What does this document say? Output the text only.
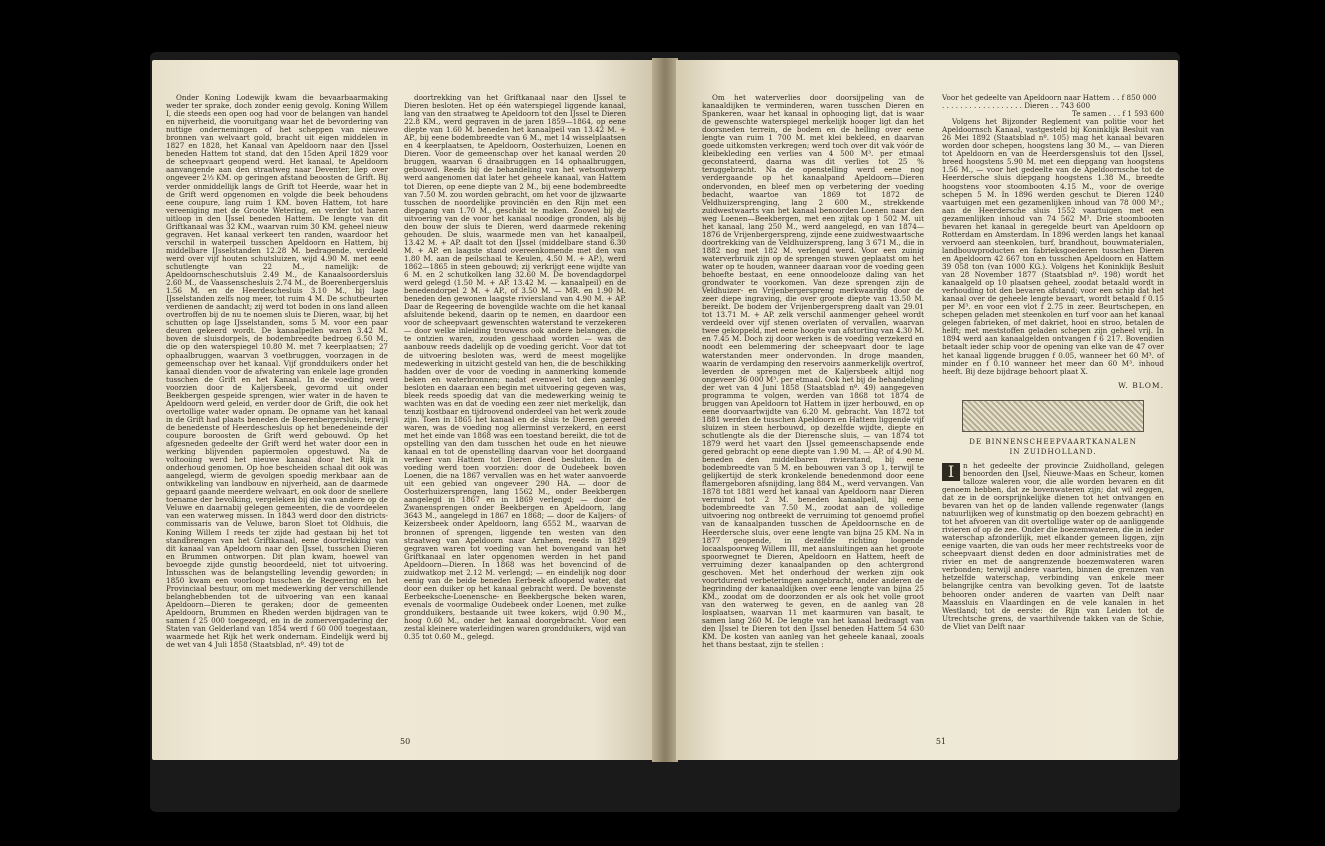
Onder Koning Lodewijk kwam die bevaarbaarmaking weder ter sprake, doch zonder eenig gevolg. Koning Willem I, die steeds een open oog had voor de belangen van handel en nijverheid, die vooruitgang waar het de bevordering van nuttige ondernemingen of het scheppen van nieuwe bronnen van welvaart gold, bracht uit eigen middelen in 1827 en 1828, het Kanaal van Apeldoorn naar den IJssel beneden Hattem tot stand, dat den 15den April 1829 voor de scheepvaart geopend werd. Het kanaal, te Apeldoorn aanvangende aan den straatweg naar Deventer, liep over ongeveer 2⅓ KM. op geringen afstand beoosten de Grift. Bij verder onmiddellijk langs de Grift tot Heerde, waar het in de Grift werd opgenomen en volgde die beek behoudens eene coupure, lang ruim 1 KM. boven Hattem, tot hare vereeniging met de Groote Wetering, en verder tot haren uitloop in den IJssel beneden Hattem. De lengte van dit Griftkanaal was 32 KM., waarvan ruim 30 KM. geheel nieuw gegraven. Het kanaal verkeert ten randen, waardoor het verschil in waterpeil tusschen Apeldoorn en Hattem, bij middelbare IJsselstanden 12.28 M. bedragende, verdeeld werd over vijf houten schutsluizen, wijd 4.90 M. met eene schutlengte van 22 M., namelijk: de Apeldoornscheschutsluis 2.49 M., de Kanaalsoordersluis 2.60 M., de Vaassenschesluis 2.74 M., de Boerenbergersluis 1.56 M. en de Heerdeschesluis 3.10 M., bij lage IJsselstanden zelfs nog meer, tot ruim 4 M. De schutbeurten verdienen de aandacht; zij werd tot boden in ons land alleen overtroffen bij de nu te noemen sluis te Dieren, waar, bij het schutten op lage IJsselstanden, soms 5 M. voor een paar deuren gekeerd wordt. De kanaalpeilen waren 3.42 M. boven de sluisdorpels, de bodembreedte bedroeg 6.50 M., die op den waterspiegel 10.80 M. met 7 keerplaatsen; 27 ophaalbruggen, waarvan 3 voetbruggen, voorzagen in de gemeenschap over het kanaal. Vijf grondduikers onder het kanaal dienden voor de afwatering van enkele lage gronden tusschen de Grift en het Kanaal. In de voeding werd voorzien door de Kaljersbeek, gevormd uit onder Beekbergen gespeide sprengen, wier water in de haven te Apeldoorn werd geleid, en verder door de Grift, die ook het overtollige water wader opnam. De opname van het kanaal in de Grift had plaats beneden de Boerenbergersluis, terwijl de benedenste of Heerdeschesluis op het benedeneinde der coupure boroosten de Grift werd gebouwd. Op het afgesneden gedeelte der Grift werd het water door een in werking blijvenden papiermolen opgestuwd. Na de voltooiing werd het nieuwe kanaal door het Rijk in onderhoud genomen. Op hoe bescheiden schaal dit ook was aangelegd, wierm de gevolgen spoedig merkbaar aan de ontwikkeling van landbouw en nijverheid, aan de daarmede gepaard gaande meerdere welvaart, en ook door de snellere toename der bevolking, vergeleken bij die van andere op de Veluwe en daarnabij gelegen gemeenten, die de voordeelen van een waterweg missen. In 1843 werd door den districts-commissaris van de Veluwe, baron Sloet tot Oldhuis, die Koning Willem I reeds ter zijde had gestaan bij het tot standbrengen van het Griftkanaal, eene doortrekking van dit kanaal van Apeldoorn naar den IJssel, tusschen Dieren en Brummen ontworpen. Dit plan kwam, hoewel van bevoegde zijde gunstig beoordeeld, niet tot uitvoering. Intusschen was de belangstelling levendig geworden; in 1850 kwam een voorloop tusschen de Regeering en het Provinciaal bestuur, om met medewerking der verschillende belanghebbenden tot de uitvoering van een kanaal Apeldoorn—Dieren te geraken; door de gemeenten Apeldoorn, Brummen en Rheden werden bijdragen van te samen f 25 000 toegezegd, en in de zomervergadering der Staten van Gelderland van 1854 werd f 60 000 toegestaan, waarmede het Rijk het werk ondernam. Eindelijk werd bij de wet van 4 Juli 1858 (Staatsblad, nº. 49) tot de

doortrekking van het Griftkanaal naar den IJssel te Dieren besloten. Het op één waterspiegel liggende kanaal, lang van den straatweg te Apeldoorn tot den IJssel te Dieren 22.8 KM., werd gegraven in de jaren 1859—1864, op eene diepte van 1.60 M. beneden het kanaalpeil van 13.42 M. + AP., bij eene bodembreedte van 6 M., met 14 wisselplaatsen en 4 keerplaatsen, te Apeldoorn, Oosterhuizen, Loenen en Dieren. Voor de gemeenschap over het kanaal werden 20 bruggen, waarvan 6 draaibruggen en 14 ophaalbruggen, gebouwd. Reeds bij de behandeling van het wetsontwerp werd aangenomen dat later het geheele kanaal, van Hattem tot Dieren, op eene diepte van 2 M., bij eene bodembreedte van 7.50 M. zou worden gebracht, om het voor de ijlzwaarte tusschen de noordelijke provinciën en den Rijn met een diepgang van 1.70 M., geschikt te maken. Zoowel bij de uitvoering van de voor het kanaal noodige gronden, als bij den bouw der sluis te Dieren, werd daarmede rekening gehouden. De sluis, waarmede men van het kanaalpeil, 13.42 M. + AP. daalt tot den IJssel (middelbare stand 6.30 M. + AP. en laagste stand overeenkomende met den van 1.80 M. aan de peilschaal te Keulen, 4.50 M. + AP.), werd 1862—1865 in steen gebouwd; zij verkrijgt eene wijdte van 6 M. en 2 schutkolken lang 32.60 M. De bovendagdorpel werd gelegd (1.50 M. + AP. 13.42 M. — kanaalpeil) en de benedendorpel 2 M. + AP., of 3.50 M. — MR. en 1.90 M. beneden den gewonen laagste riviersland van 4.90 M. + AP. Daar de Regeering de bovengilde wachte om die het kanaal afsluitende bekend, daarin op te nemen, en daardoor een voor de scheepvaart gewenschten waterstand te verzekeren — door welke inleiding trouwens ook andere belangen, die te ontzien waren, zouden geschaad worden — was de aanbouw reeds dadelijk op de voeding gericht. Voor dat tot de uitvoering besloten was, werd de meest mogelijke medewerking in uitzicht gesteld van hen, die de beschikking hadden over de voor de voeding in aanmerking komende beken en waterbronnen; nadat evenwel tot den aanleg besloten en daaraan een begin met uitvoering gegeven was, bleek reeds spoedig dat van die medewerking weinig te wachten was en dat de voeding een zeer niet merkelijk, dan tenzij kostbaar en tijdroovend onderdeel van het werk zoude zijn. Toen in 1865 het kanaal en de sluis te Dieren gereed waren, was de voeding nog allerminst verzekerd, en eerst met het einde van 1868 was een toestand bereikt, die tot de opstelling van den dam tusschen het oude en het nieuwe kanaal en tot de openstelling daarvan voor het doorgaand verkeer van Hattem tot Dieren deed besluiten. In de voeding werd toen voorzien: door de Oudebeek boven Loenen, die na 1867 vervallen was en het water aanvoerde uit een gebied van ongeveer 290 HA. — door de Oosterhuizersprengen, lang 1562 M., onder Beekbergen aangelegd in 1867 en in 1869 verlengd; — door de Zwanensprengen onder Beekbergen en Apeldoorn, lang 3643 M., aangelegd in 1867 en 1868; — door de Kaljers- of Keizersbeek onder Apeldoorn, lang 6552 M., waarvan de bronnen of sprengen, liggende ten westen van den straatweg van Apeldoorn naar Arnhem, reeds in 1829 gegraven waren tot voeding van het bovengand van het Griftkanaal en later opgenomen werden in het pand Apeldoorn—Dieren. In 1868 was het bovencind of de zuidwatkop met 2.12 M. verlengd; — en eindelijk nog door eenig van de beide beneden Eerbeek afloopend water, dat door een duiker op het kanaal gebracht werd. De bovenste Eerbeeksche-Loenensche- en Beekbergsche beken waren, evenals de voormalige Oudebeek onder Loenen, met zulke grondduikers, bestaande uit twee kokers, wijd 0.90 M., hoog 0.60 M., onder het kanaal doorgebracht. Voor een zestal kleinere waterleidingen waren grondduikers, wijd van 0.35 tot 0.60 M., gelegd.

50

Om het waterverlies door doorsijpeling van de kanaaldijken te verminderen, waren tusschen Dieren en Spankeren, waar het kanaal in ophooging ligt, dat is waar de gewenschte waterspiegel merkelijk hooger ligt dan het doorsneden terrein, de bodem en de helling over eene lengte van ruim 1 700 M. met klei bekleed, en daarvan goede uitkomsten verkregen; werd toch over dit vak vóór de kleibekleding een verlies van 4 500 M³. per etmaal geconstateerd, daarna was dit verlies tot 25 % teruggebracht. Na de openstelling werd eene nog verdergaande op het kanaalpand Apeldoorn—Dieren ondervonden, en bleef men op verbetering der voeding bedacht, waartoe van 1869 tot 1872 de Veldhuizersprenging, lang 2 600 M., strekkende zuidwestwaarts van het kanaal benoorden Loenen naar den weg Loenen—Beekbergen, met een zijtak op 1 502 M. uit het kanaal, lang 250 M., werd aangelegd, en van 1874—1876 de Vrijenbergerspreng, zijnde eene zuidwestwaartsche doortrekking van de Veldhuizerspreng, lang 3 671 M., die in 1882 nog met 182 M. verlengd werd. Voor een zuinig waterverbruik zijn op de sprengen stuwen geplaatst om het water op te houden, wanneer daaraan voor de voeding geen behoefte bestaat, en eene onnoodelooze daling van het grondwater te voorkomen. Van deze sprengen zijn de Veldhuizer- en Vrijenbergerspreng merkwaardig door de zeer diepe ingraving, die over groote diepte van 13.50 M. bereikt. De bodem der Vrijenbergerspreng daalt van 29.01 tot 13.71 M. + AP. zelk verschil aanmenger geheel wordt verdeeld over vijf stenen overlaten of vervallen, waarvan twee gekoppeld, met eene hoogte van afstorting van 4.30 M. en 7.45 M. Doch zij door werken is de voeding verzekerd en noodt een belemmering der scheepvaart door te lage waterstanden meer ondervonden. In droge maanden, waarin de verdamping den reservoirs aanmerkelijk overtrof, leverden de sprengen met de Kaljersbeek altijd nog ongeveer 36 000 M³. per etmaal. Ook het bij de behandeling der wet van 4 Juni 1858 (Staatsblad nº. 49) aangegeven programma te volgen, werden van 1868 tot 1874 de bruggen van Apeldoorn tot Hattem in ijzer herbouwd, en op eene doorvaartwijdte van 6.20 M. gebracht. Van 1872 tot 1881 werden de tusschen Apeldoorn en Hattem liggende vijf sluizen in steen herbouwd, op dezelfde wijdte, diepte en schutlengte als die der Dierensche sluis, — van 1874 tot 1879 werd het vaart den IJssel gemeenschapsende ende gered gebracht op eene diepte van 1.90 M. — AP. of 4.90 M. beneden den middelbaren rivierstand, bij eene bodembreedte van 5 M. en bebouwen van 3 op 1, terwijl te gelijkertijd de sterk kronkelende benedenmond door eene flamergeboren afsnijding, lang 884 M., werd vervangen. Van 1878 tot 1881 werd het kanaal van Apeldoorn naar Dieren verruimd tot 2 M. beneden kanaalpeil, bij eene bodembreedte van 7.50 M., zoodat aan de volledige uitvoering nog ontbreekt de verruiming tot genoemd profiel van de kanaalpanden tusschen de Apeldoornsche en de Heerdersche sluis, over eene lengte van bijna 25 KM. Na in 1877 geopende, in dezelfde richting loopende locaalspoorweg Willem III, met aansluitingen aan het groote spoorwegnet te Dieren, Apeldoorn en Hattem, heeft de verruiming dezer kanaalpanden op den achtergrond geschoven. Met het onderhoud der werken zijn ook voortdurend verbeteringen aangebracht, onder anderen de begrinding der kanaaldijken over eene lengte van bijna 25 KM., zoodat om de doorzonden er als ook het volle groot van den waterweg te geven, en de aanleg van 28 losplaatsen, waarvan 11 met kaarmuren van basalt, te samen lang 260 M. De lengte van het kanaal bedraagt van den IJssel te Dieren tot den IJssel beneden Hattem 54 630 KM. De kosten van aanleg van het geheele kanaal, zooals het thans bestaat, zijn te stellen :

Voor het gedeelte van Apeldoorn naar Hattem . . f 850 000

. . . . . . . . . . . . . . . . . . Dieren . . 743 600

Te samen . . . f 1 593 600

Volgens het Bijzonder Reglement van politie voor het Apeldoornsch Kanaal, vastgesteld bij Koninklijk Besluit van 26 Mei 1892 (Staatsblad nº. 105) mag het kanaal bevaren worden door schepen, hoogstens lang 30 M., — van Dieren tot Apeldoorn en van de Heerdersgensluis tot den IJssel, breed hoogstens 5.90 M. met een diepgang van hoogstens 1.56 M., — voor het gedeelte van de Apeldoornsche tot de Heerdersche sluis diepgang hoogstens 1.38 M., breedte hoogstens voor stoombooten 4.15 M., voor de overige schepen 5 M. In 1896 werden geschut te Dieren 1240 vaartuigen met een gezamenlijken inhoud van 78 000 M³.; aan de Heerdersche sluis 1552 vaartuigen met een gezamenlijken inhoud van 74 562 M³. Drie stoombooten bevaren het kanaal in geregelde beurt van Apeldoorn op Rotterdam en Amsterdam. In 1896 werden langs het kanaal vervoerd aan steenkolen, turf, brandhout, bouwmaterialen, landbouwproducten en fabrieksgoederen tusschen Dieren en Apeldoorn 42 667 ton en tusschen Apeldoorn en Hattem 39 058 ton (van 1000 KG.). Volgens het Koninklijk Besluit van 28 November 1877 (Staatsblad nº. 198) wordt het kanaalgeld op 10 plaatsen geheel, zoodat betaald wordt in verhouding tot den bevaren afstand; voor een schip dat het kanaal over de geheele lengte bevaart, wordt betaald f 0.15 per M³. en voor een vlot f 2.75 in zeer. Beurtschepen, en schepen geladen met steenkolen en turf voor aan het kanaal gelegen fabrieken, of met dakriet, hooi en stroo, betalen de helft; met meststoffen geladen schepen zijn geheel vrij. In 1894 werd aan kanaalgelden ontvangen f 6 217. Bovendien betaalt ieder schip voor de opening van elke van de 47 over het kanaal liggende bruggen f 0.05, wanneer het 60 M³. of minder en f 0.10 wanneer het meer dan 60 M³. inhoud heeft. Bij deze bijdrage behoort plaat X.

W. BLOM.
DE BINNENSCHEEPVAARTKANALEN
IN ZUIDHOLLAND.
I	n het gedeelte der provincie Zuidholland, gelegen benoorden den IJsel, Nieuwe-Maas en Scheur, komen talloze waleren voor, die alle worden bevaren en dit genoem hebben, dat ze bovenwateren zijn; dat wil zeggen, dat ze in de oorsprijnkelijke dienen tot het ontvangen en bevaren van het op de landen vallende regenwater (langs natuurlijken weg of kunstmatig op den boezem gebracht) en tot het afvoeren van dit overtollige water op de aanliggende rivieren of op de zee. Onder die boezemwateren, die in ieder waterschap afzonderlijk, met elkander gemeen liggen, zijn eenige vaarten, die van ouds her meer rechtstreeks voor de scheepvaart dienst deden en door administraties met de rivier en met de aangrenzende boezemwateren waren verbonden; terwijl andere vaarten, binnen de grenzen van hetzelfde waterschap, verbinding van enkele meer belangrijke centra van bevolking geven. Tot de laatste behooren onder anderen de vaarten van Delft naar Maassluis en Vlaardingen en de vele kanalen in het Westland; tot de eerste: de Rijn van Leiden tot de Utrechtsche grens, de vaarthilvende takken van de Schie, de Vliet van Delft naar

51
